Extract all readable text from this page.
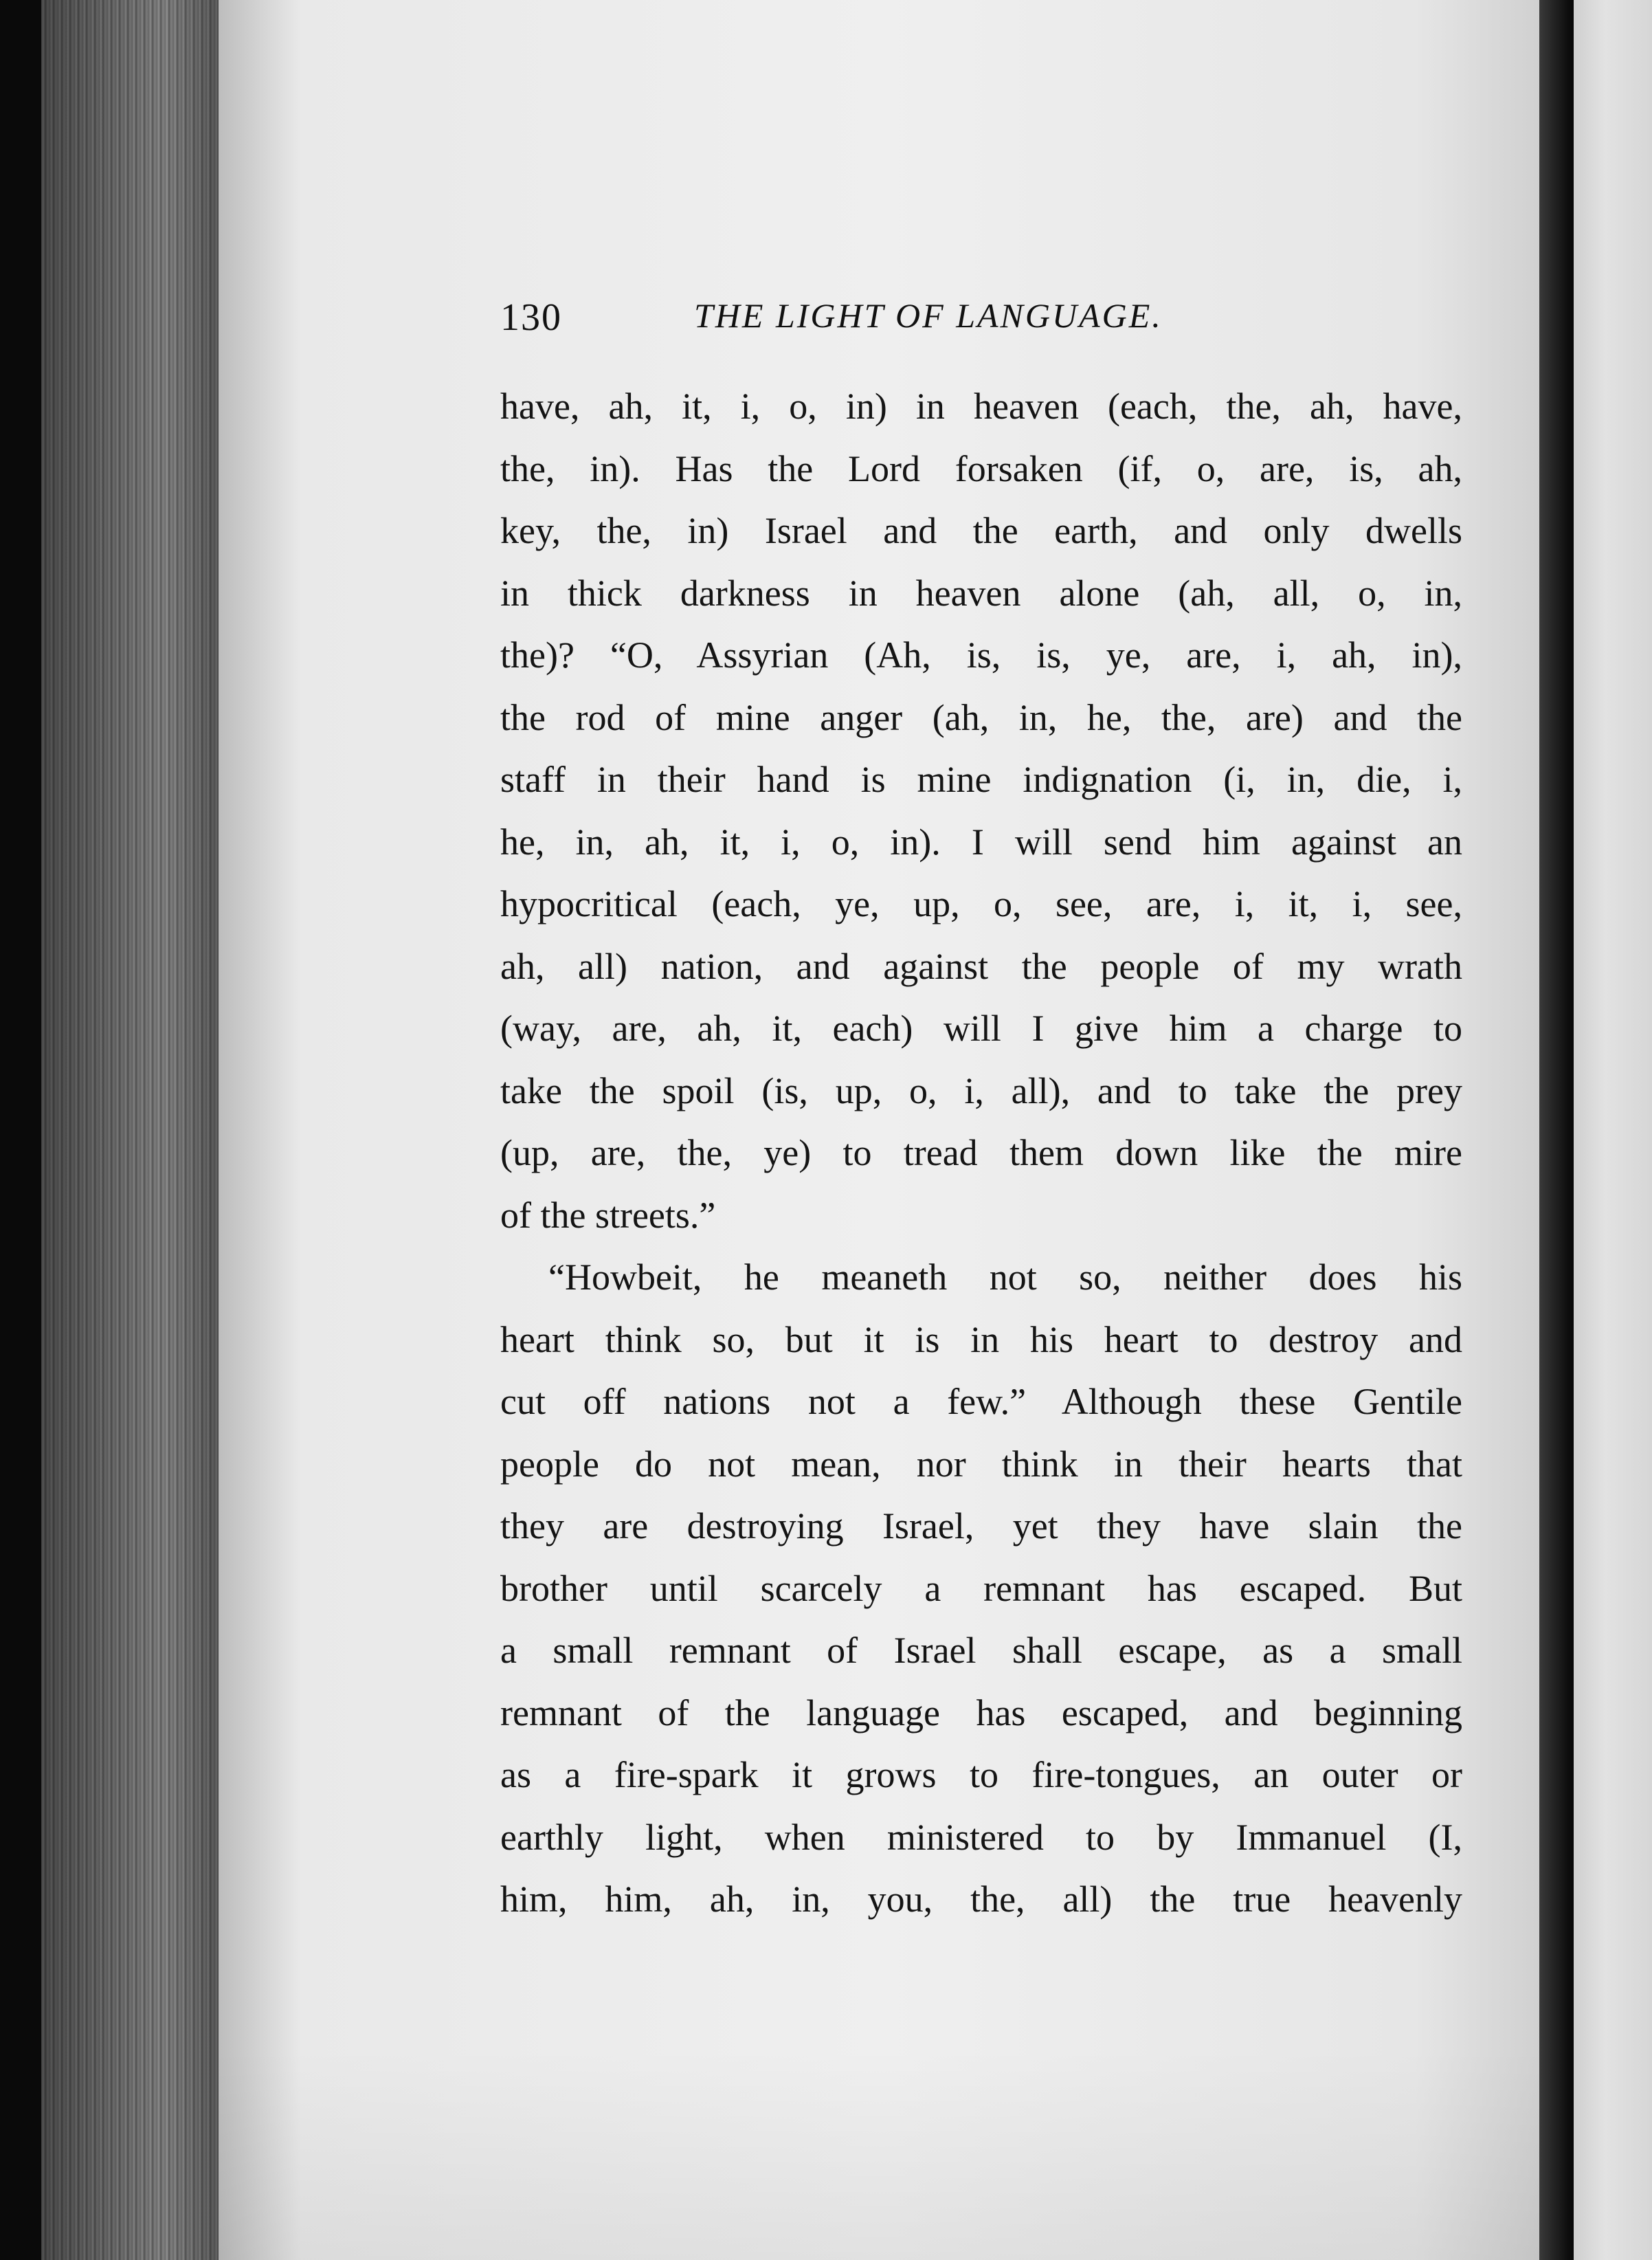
130	THE LIGHT OF LANGUAGE.
have, ah, it, i, o, in) in heaven (each, the, ah, have,
the, in). Has the Lord forsaken (if, o, are, is, ah,
key, the, in) Israel and the earth, and only dwells
in thick darkness in heaven alone (ah, all, o, in,
the)? “O, Assyrian (Ah, is, is, ye, are, i, ah, in),
the rod of mine anger (ah, in, he, the, are) and the
staff in their hand is mine indignation (i, in, die, i,
he, in, ah, it, i, o, in). I will send him against an
hypocritical (each, ye, up, o, see, are, i, it, i, see,
ah, all) nation, and against the people of my wrath
(way, are, ah, it, each) will I give him a charge to
take the spoil (is, up, o, i, all), and to take the prey
(up, are, the, ye) to tread them down like the mire
of the streets.”
“Howbeit, he meaneth not so, neither does his
heart think so, but it is in his heart to destroy and
cut off nations not a few.” Although these Gentile
people do not mean, nor think in their hearts that
they are destroying Israel, yet they have slain the
brother until scarcely a remnant has escaped. But
a small remnant of Israel shall escape, as a small
remnant of the language has escaped, and beginning
as a fire-spark it grows to fire-tongues, an outer or
earthly light, when ministered to by Immanuel (I,
him, him, ah, in, you, the, all) the true heavenly
